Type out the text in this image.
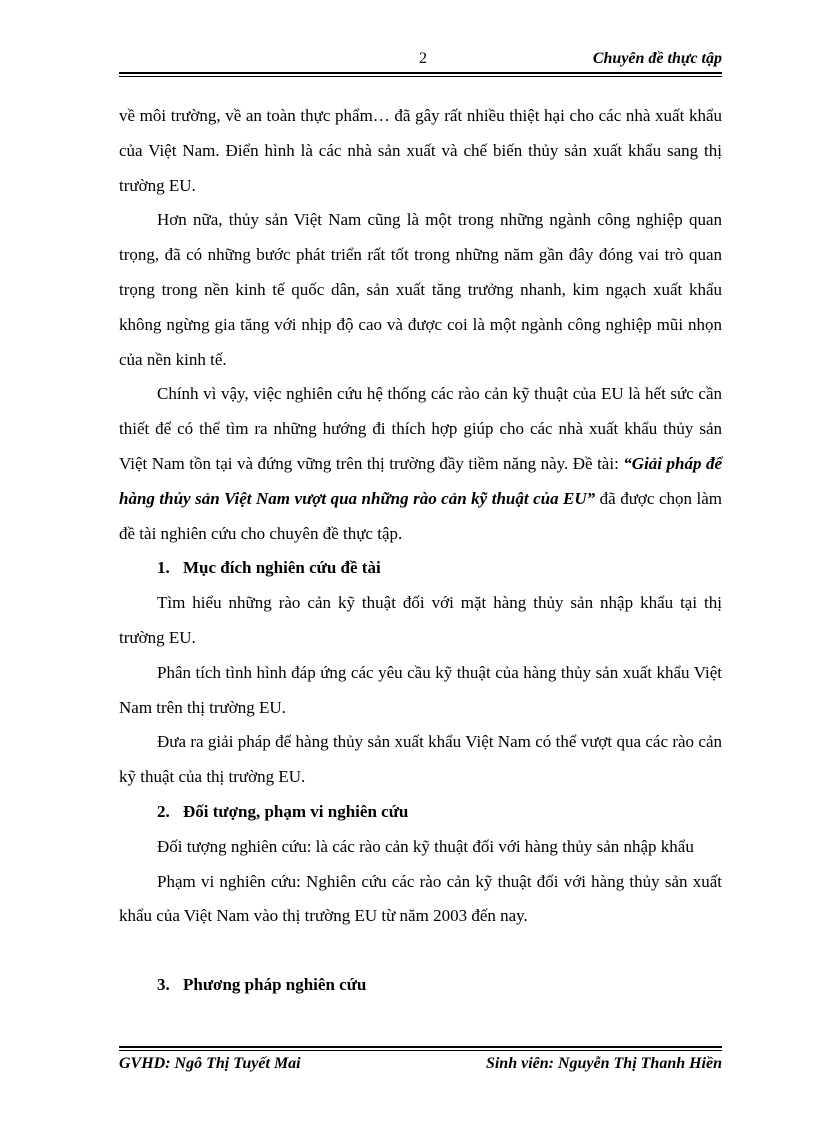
2	Chuyên đề thực tập

về môi trường, về an toàn thực phẩm… đã gây rất nhiều thiệt hại cho các nhà xuất khẩu của Việt Nam. Điển hình là các nhà sản xuất và chế biến thủy sản xuất khẩu sang thị trường EU.

Hơn nữa, thủy sản Việt Nam cũng là một trong những ngành công nghiệp quan trọng, đã có những bước phát triển rất tốt trong những năm gần đây đóng vai trò quan trọng trong nền kinh tế quốc dân, sản xuất tăng trưởng nhanh, kim ngạch xuất khẩu không ngừng gia tăng với nhịp độ cao và được coi là một ngành công nghiệp mũi nhọn của nền kinh tế.

Chính vì vậy, việc nghiên cứu hệ thống các rào cản kỹ thuật của EU là hết sức cần thiết để có thể tìm ra những hướng đi thích hợp giúp cho các nhà xuất khẩu thủy sản Việt Nam tồn tại và đứng vững trên thị trường đầy tiềm năng này. Đề tài: “Giải pháp để hàng thủy sản Việt Nam vượt qua những rào cản kỹ thuật của EU” đã được chọn làm đề tài nghiên cứu cho chuyên đề thực tập.

1. Mục đích nghiên cứu đề tài

Tìm hiểu những rào cản kỹ thuật đối với mặt hàng thủy sản nhập khẩu tại thị trường EU.

Phân tích tình hình đáp ứng các yêu cầu kỹ thuật của hàng thủy sản xuất khẩu Việt Nam trên thị trường EU.

Đưa ra giải pháp để hàng thủy sản xuất khẩu Việt Nam có thể vượt qua các rào cản kỹ thuật của thị trường EU.

2. Đối tượng, phạm vi nghiên cứu

Đối tượng nghiên cứu: là các rào cản kỹ thuật đối với hàng thủy sản nhập khẩu

Phạm vi nghiên cứu: Nghiên cứu các rào cản kỹ thuật đối với hàng thủy sản xuất khẩu của Việt Nam vào thị trường EU từ năm 2003 đến nay.

3. Phương pháp nghiên cứu

GVHD: Ngô Thị Tuyết Mai	Sinh viên: Nguyễn Thị Thanh Hiền
